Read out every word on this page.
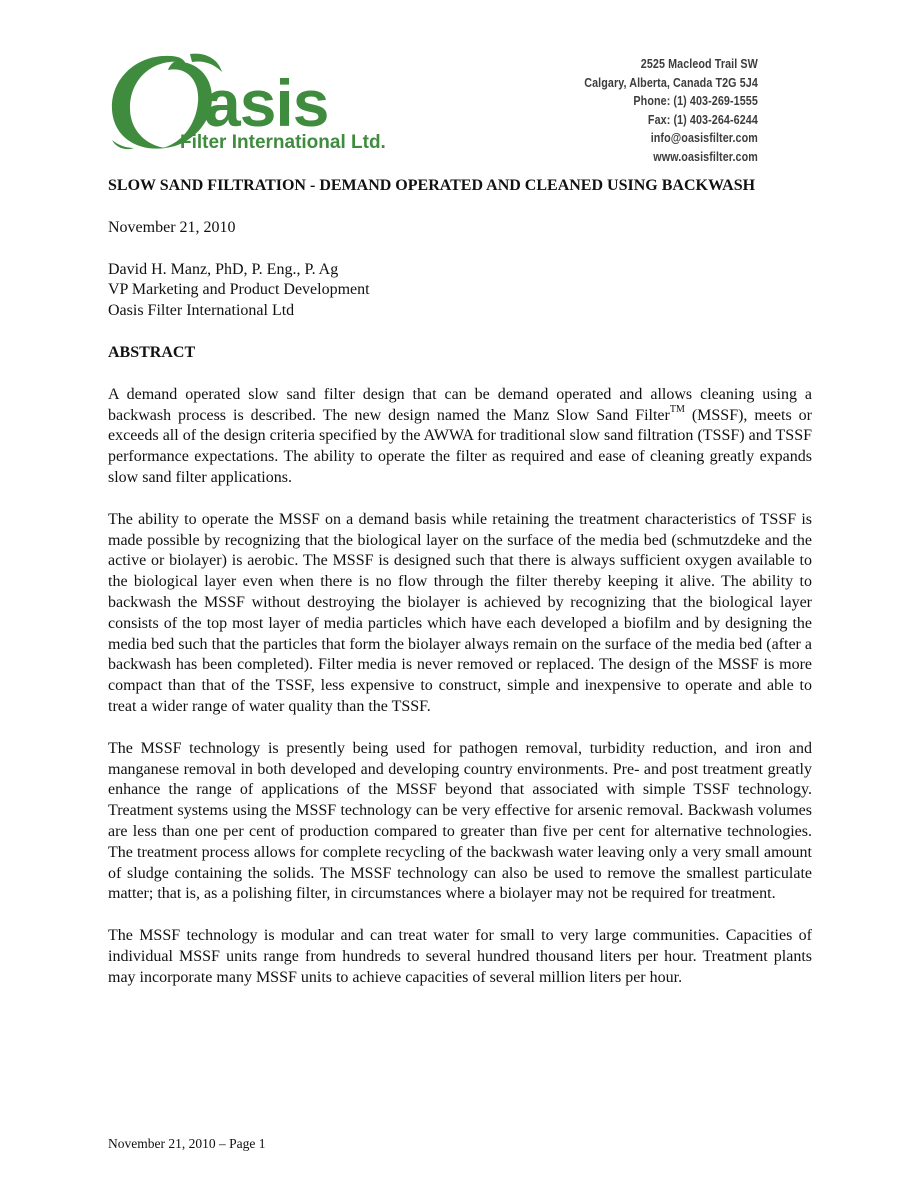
asis
Filter International Ltd.
2525 Macleod Trail SW
Calgary, Alberta, Canada T2G 5J4
Phone: (1) 403-269-1555
Fax: (1) 403-264-6244
info@oasisfilter.com
www.oasisfilter.com
SLOW SAND FILTRATION - DEMAND OPERATED AND CLEANED USING BACKWASH
November 21, 2010
David H. Manz, PhD, P. Eng., P. Ag
VP Marketing and Product Development
Oasis Filter International Ltd
ABSTRACT
A demand operated slow sand filter design that can be demand operated and allows cleaning using a backwash process is described. The new design named the Manz Slow Sand Filter™ (MSSF), meets or exceeds all of the design criteria specified by the AWWA for traditional slow sand filtration (TSSF) and TSSF performance expectations. The ability to operate the filter as required and ease of cleaning greatly expands slow sand filter applications.
The ability to operate the MSSF on a demand basis while retaining the treatment characteristics of TSSF is made possible by recognizing that the biological layer on the surface of the media bed (schmutzdeke and the active or biolayer) is aerobic. The MSSF is designed such that there is always sufficient oxygen available to the biological layer even when there is no flow through the filter thereby keeping it alive. The ability to backwash the MSSF without destroying the biolayer is achieved by recognizing that the biological layer consists of the top most layer of media particles which have each developed a biofilm and by designing the media bed such that the particles that form the biolayer always remain on the surface of the media bed (after a backwash has been completed). Filter media is never removed or replaced. The design of the MSSF is more compact than that of the TSSF, less expensive to construct, simple and inexpensive to operate and able to treat a wider range of water quality than the TSSF.
The MSSF technology is presently being used for pathogen removal, turbidity reduction, and iron and manganese removal in both developed and developing country environments. Pre- and post treatment greatly enhance the range of applications of the MSSF beyond that associated with simple TSSF technology. Treatment systems using the MSSF technology can be very effective for arsenic removal. Backwash volumes are less than one per cent of production compared to greater than five per cent for alternative technologies. The treatment process allows for complete recycling of the backwash water leaving only a very small amount of sludge containing the solids. The MSSF technology can also be used to remove the smallest particulate matter; that is, as a polishing filter, in circumstances where a biolayer may not be required for treatment.
The MSSF technology is modular and can treat water for small to very large communities. Capacities of individual MSSF units range from hundreds to several hundred thousand liters per hour. Treatment plants may incorporate many MSSF units to achieve capacities of several million liters per hour.
November 21, 2010 – Page 1
